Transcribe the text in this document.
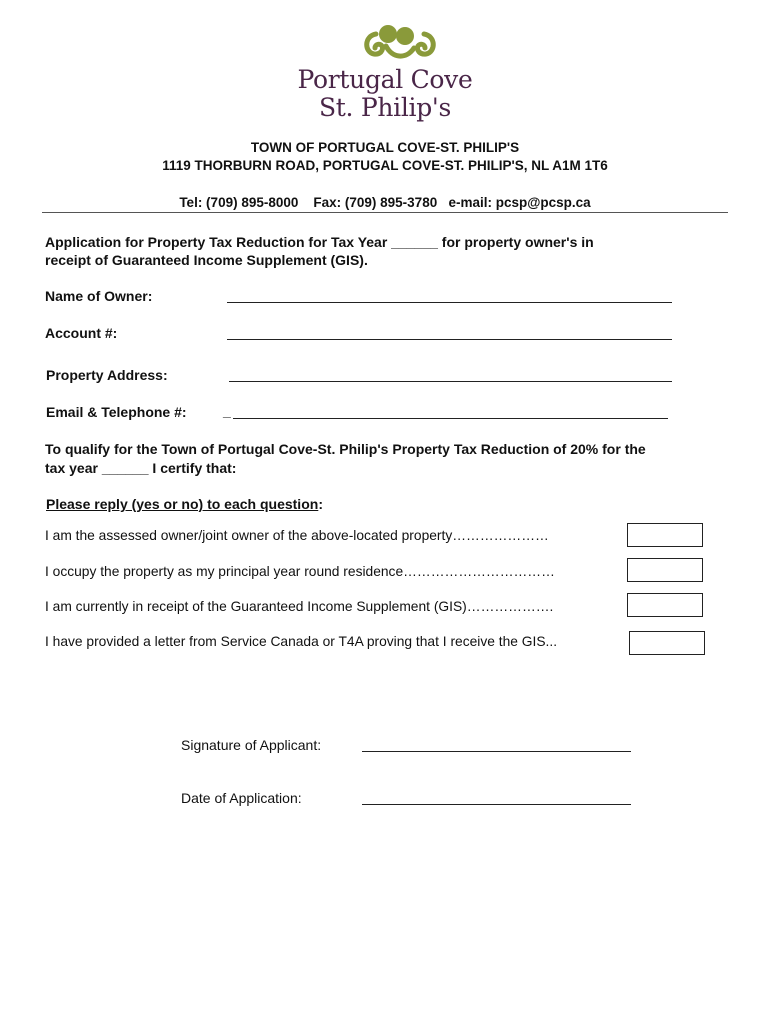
Portugal Cove
St. Philip's
TOWN OF PORTUGAL COVE-ST. PHILIP'S
1119 THORBURN ROAD, PORTUGAL COVE-ST. PHILIP'S, NL A1M 1T6
Tel: (709) 895-8000    Fax: (709) 895-3780   e-mail: pcsp@pcsp.ca
Application for Property Tax Reduction for Tax Year ______ for property owner's in
receipt of Guaranteed Income Supplement (GIS).
Name of Owner:
Account #:
Property Address:
Email & Telephone #:	_
To qualify for the Town of Portugal Cove-St. Philip's Property Tax Reduction of 20% for the
tax year ______ I certify that:
Please reply (yes or no) to each question:
I am the assessed owner/joint owner of the above-located property…………………
I occupy the property as my principal year round residence……………………………
I am currently in receipt of the Guaranteed Income Supplement (GIS)……………….
I have provided a letter from Service Canada or T4A proving that I receive the GIS...
Signature of Applicant:
Date of Application:
